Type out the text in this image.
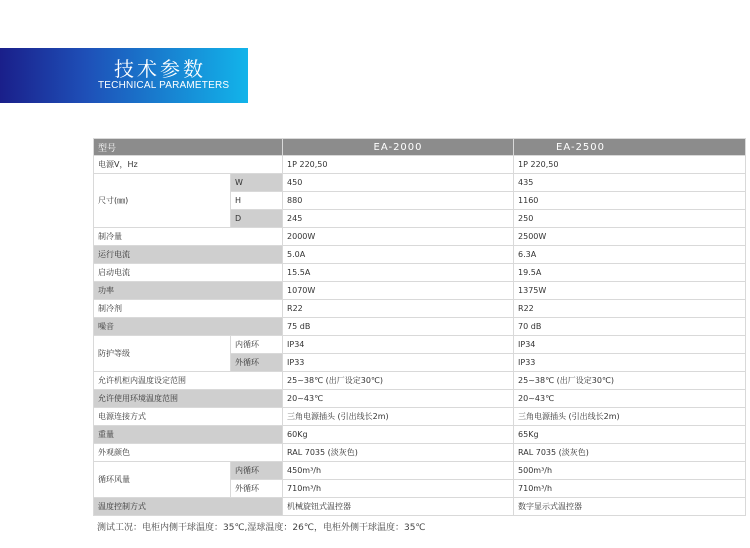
技术参数
TECHNICAL PARAMETERS
型号		EA-2000	EA-2500
电源V，Hz		1P 220,50	1P 220,50
尺寸(㎜)	W	450	435
	H	880	1160
	D	245	250
制冷量		2000W	2500W
运行电流		5.0A	6.3A
启动电流		15.5A	19.5A
功率		1070W	1375W
制冷剂		R22	R22
噪音		75 dB	70 dB
防护等级	内循环	IP34	IP34
	外循环	IP33	IP33
允许机柜内温度设定范围		25~38℃ (出厂设定30℃)	25~38℃ (出厂设定30℃)
允许使用环境温度范围		20~43℃	20~43℃
电源连接方式		三角电源插头 (引出线长2m)	三角电源插头 (引出线长2m)
重量		60Kg	65Kg
外观颜色		RAL 7035 (淡灰色)	RAL 7035 (淡灰色)
循环风量	内循环	450m³/h	500m³/h
	外循环	710m³/h	710m³/h
温度控制方式		机械旋钮式温控器	数字显示式温控器
测试工况：电柜内侧干球温度：35℃,湿球温度：26℃，电柜外侧干球温度：35℃
